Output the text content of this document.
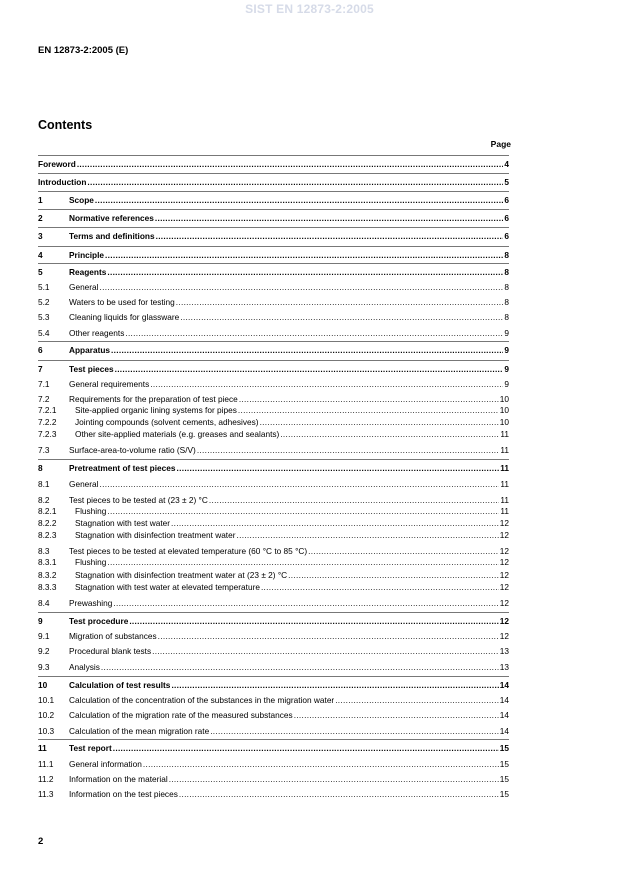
SIST EN 12873-2:2005
EN 12873-2:2005 (E)
Contents
Page
Foreword .....	4
Introduction .....	5
1	Scope .....	6
2	Normative references .....	6
3	Terms and definitions .....	6
4	Principle .....	8
5	Reagents .....	8
5.1	General .....	8
5.2	Waters to be used for testing .....	8
5.3	Cleaning liquids for glassware .....	8
5.4	Other reagents .....	9
6	Apparatus .....	9
7	Test pieces .....	9
7.1	General requirements .....	9
7.2	Requirements for the preparation of test piece .....	10
7.2.1	Site-applied organic lining systems for pipes .....	10
7.2.2	Jointing compounds (solvent cements, adhesives) .....	10
7.2.3	Other site-applied materials (e.g. greases and sealants) .....	11
7.3	Surface-area-to-volume ratio (S/V) .....	11
8	Pretreatment of test pieces .....	11
8.1	General .....	11
8.2	Test pieces to be tested at (23 ± 2) °C .....	11
8.2.1	Flushing .....	11
8.2.2	Stagnation with test water .....	12
8.2.3	Stagnation with disinfection treatment water .....	12
8.3	Test pieces to be tested at elevated temperature (60 °C to 85 °C) .....	12
8.3.1	Flushing .....	12
8.3.2	Stagnation with disinfection treatment water at (23 ± 2) °C .....	12
8.3.3	Stagnation with test water at elevated temperature .....	12
8.4	Prewashing .....	12
9	Test procedure .....	12
9.1	Migration of substances .....	12
9.2	Procedural blank tests .....	13
9.3	Analysis .....	13
10	Calculation of test results .....	14
10.1	Calculation of the concentration of the substances in the migration water .....	14
10.2	Calculation of the migration rate of the measured substances .....	14
10.3	Calculation of the mean migration rate .....	14
11	Test report .....	15
11.1	General information .....	15
11.2	Information on the material .....	15
11.3	Information on the test pieces .....	15
2
